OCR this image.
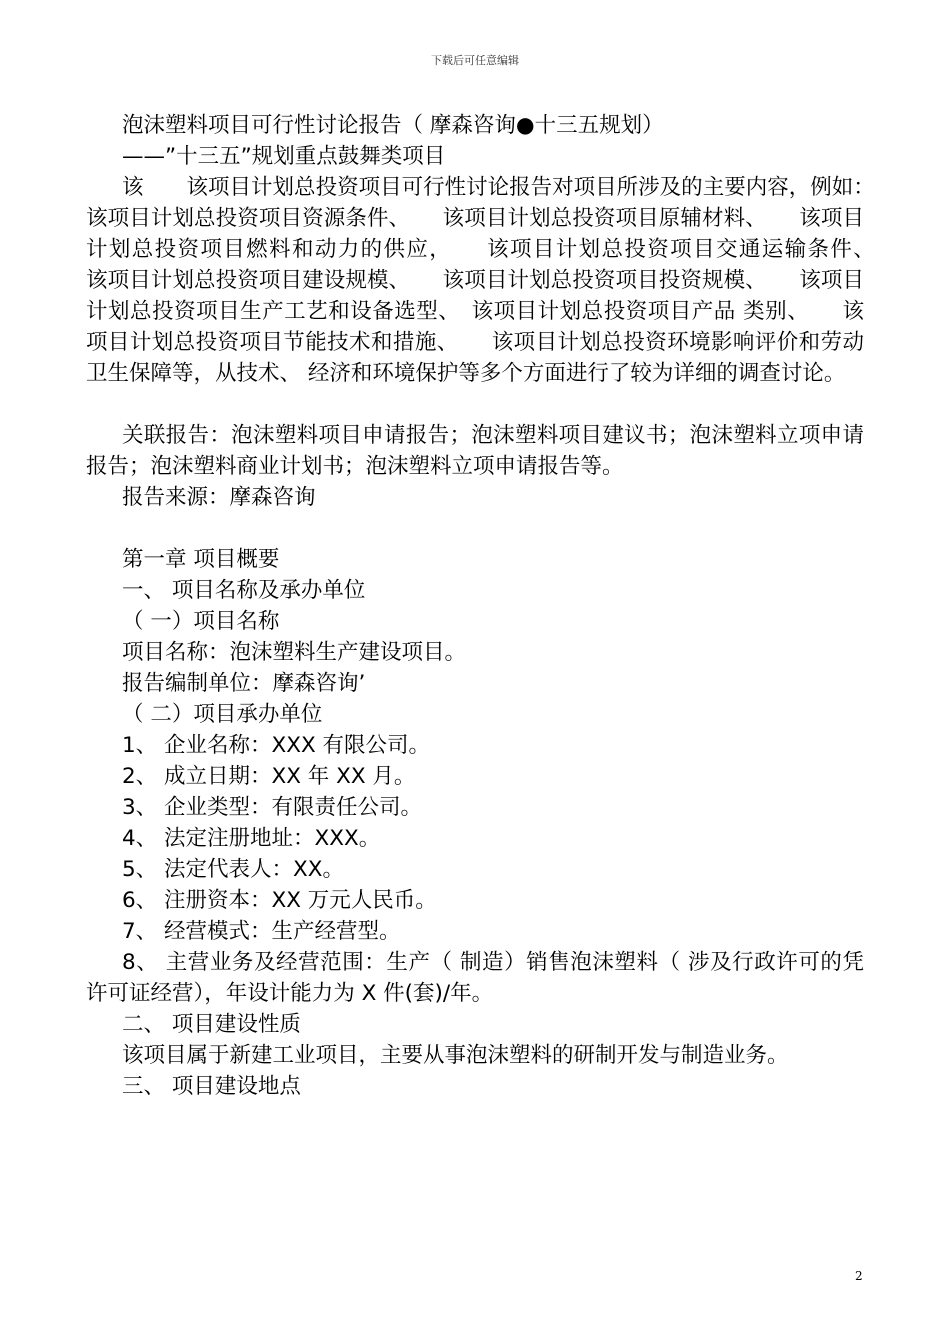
下载后可任意编辑
泡沫塑料项目可行性讨论报告（ 摩森咨询●十三五规划）
——”十三五”规划重点鼓舞类项目
该　　该项目计划总投资项目可行性讨论报告对项目所涉及的主要内容，例如：　　该项目计划总投资项目资源条件、　　该项目计划总投资项目原辅材料、　　该项目计划总投资项目燃料和动力的供应，　　该项目计划总投资项目交通运输条件、　　该项目计划总投资项目建设规模、　　该项目计划总投资项目投资规模、　　该项目计划总投资项目生产工艺和设备选型、　该项目计划总投资项目产品 类别、　　该项目计划总投资项目节能技术和措施、　　该项目计划总投资环境影响评价和劳动卫生保障等，从技术、 经济和环境保护等多个方面进行了较为详细的调查讨论。
关联报告：泡沫塑料项目申请报告；泡沫塑料项目建议书；泡沫塑料立项申请报告；泡沫塑料商业计划书；泡沫塑料立项申请报告等。
报告来源：摩森咨询
第一章 项目概要
一、 项目名称及承办单位
（ 一）项目名称
项目名称：泡沫塑料生产建设项目。
报告编制单位：摩森咨询’
（ 二）项目承办单位
1、 企业名称：XXX 有限公司。
2、 成立日期：XX 年 XX 月。
3、 企业类型：有限责任公司。
4、 法定注册地址：XXX。
5、 法定代表人：XX。
6、 注册资本：XX 万元人民币。
7、 经营模式：生产经营型。
8、 主营业务及经营范围：生产（ 制造）销售泡沫塑料（ 涉及行政许可的凭许可证经营），年设计能力为 X 件(套)/年。
二、 项目建设性质
该项目属于新建工业项目，主要从事泡沫塑料的研制开发与制造业务。
三、 项目建设地点
2
